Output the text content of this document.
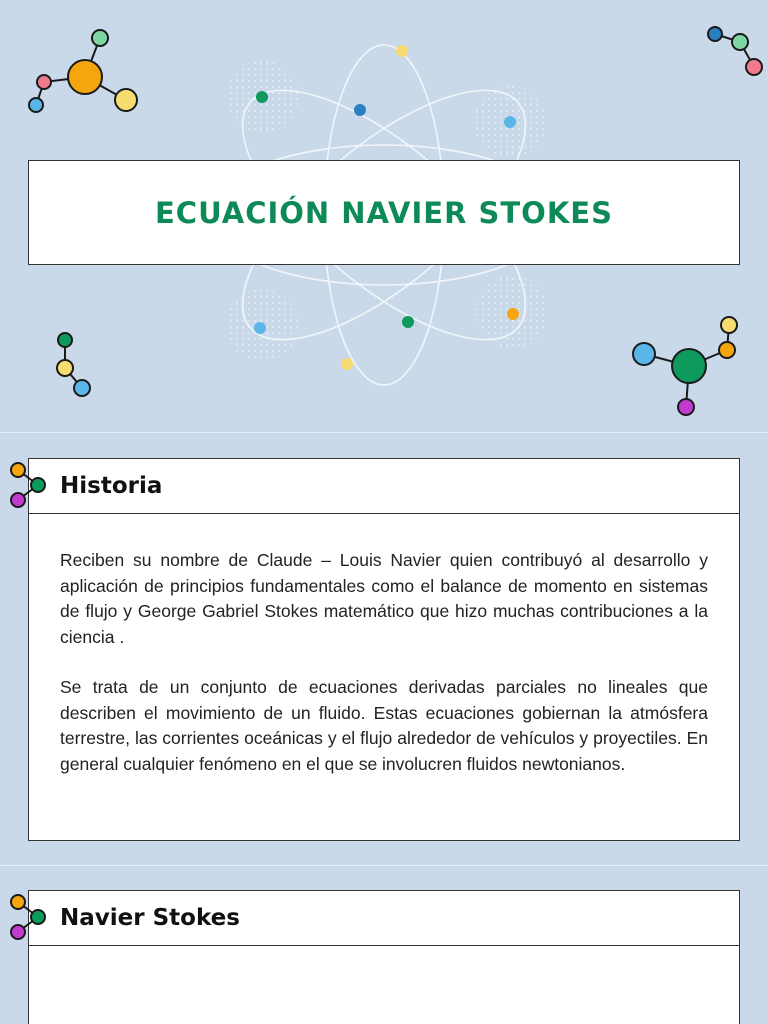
ECUACIÓN NAVIER STOKES
Historia

Reciben su nombre de Claude – Louis Navier quien contribuyó al desarrollo y aplicación de principios fundamentales como el balance de momento en sistemas de flujo y George Gabriel Stokes matemático que hizo muchas contribuciones a la ciencia .

Se trata de un conjunto de ecuaciones derivadas parciales no lineales que describen el movimiento de un fluido. Estas ecuaciones gobiernan la atmósfera terrestre, las corrientes oceánicas y el flujo alrededor de vehículos y proyectiles. En general cualquier fenómeno en el que se involucren fluidos newtonianos.

Navier Stokes
